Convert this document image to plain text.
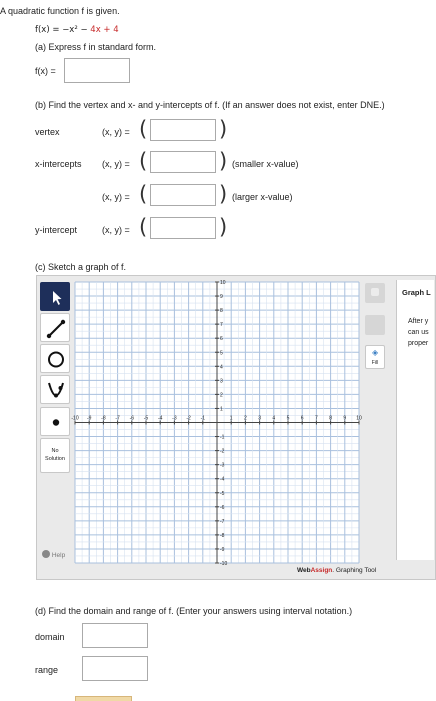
A quadratic function f is given.
f(x) = −x² − 4x + 4
(a) Express f in standard form.
f(x) =
(b) Find the vertex and x- and y-intercepts of f. (If an answer does not exist, enter DNE.)
vertex	(x, y) = (	)
x-intercepts (x, y) = (	) (smaller x-value)
(x, y) = (	) (larger x-value)
y-intercept	(x, y) = (	)
(c) Sketch a graph of f.
No Solution
Help
-10 -9 -8 -7 -6 -5 -4 -3 -2 -1	1 2 3 4 5 6 7 8 9 10
10
9
8
7
6
5
4
3
2
1
-1
-2
-3
-4
-5
-6
-7
-8
-9
-10
◈
Fill
Graph L
After y
can us
proper
WebAssign. Graphing Tool
(d) Find the domain and range of f. (Enter your answers using interval notation.)
domain
range
